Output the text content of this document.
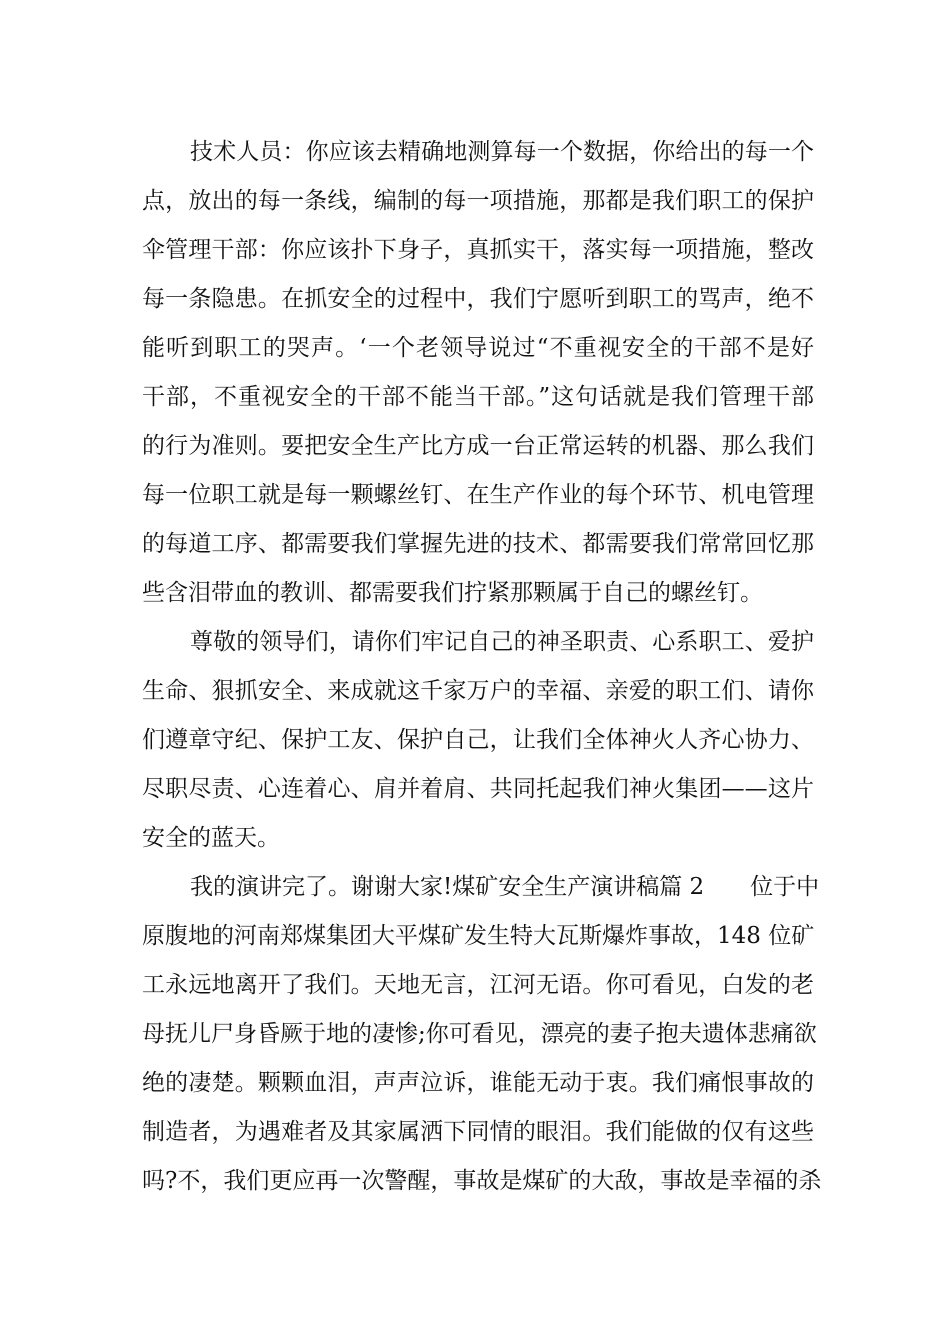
技术人员：你应该去精确地测算每一个数据，你给出的每一个
点，放出的每一条线，编制的每一项措施，那都是我们职工的保护
伞管理干部：你应该扑下身子，真抓实干，落实每一项措施，整改
每一条隐患。在抓安全的过程中，我们宁愿听到职工的骂声，绝不
能听到职工的哭声。‘一个老领导说过“不重视安全的干部不是好
干部，不重视安全的干部不能当干部。”这句话就是我们管理干部
的行为准则。要把安全生产比方成一台正常运转的机器、那么我们
每一位职工就是每一颗螺丝钉、在生产作业的每个环节、机电管理
的每道工序、都需要我们掌握先进的技术、都需要我们常常回忆那
些含泪带血的教训、都需要我们拧紧那颗属于自己的螺丝钉。
尊敬的领导们，请你们牢记自己的神圣职责、心系职工、爱护
生命、狠抓安全、来成就这千家万户的幸福、亲爱的职工们、请你
们遵章守纪、保护工友、保护自己，让我们全体神火人齐心协力、
尽职尽责、心连着心、肩并着肩、共同托起我们神火集团——这片
安全的蓝天。
我的演讲完了。谢谢大家!煤矿安全生产演讲稿篇 2　　位于中
原腹地的河南郑煤集团大平煤矿发生特大瓦斯爆炸事故，148 位矿
工永远地离开了我们。天地无言，江河无语。你可看见，白发的老
母抚儿尸身昏厥于地的凄惨;你可看见，漂亮的妻子抱夫遗体悲痛欲
绝的凄楚。颗颗血泪，声声泣诉，谁能无动于衷。我们痛恨事故的
制造者，为遇难者及其家属洒下同情的眼泪。我们能做的仅有这些
吗?不，我们更应再一次警醒，事故是煤矿的大敌，事故是幸福的杀
